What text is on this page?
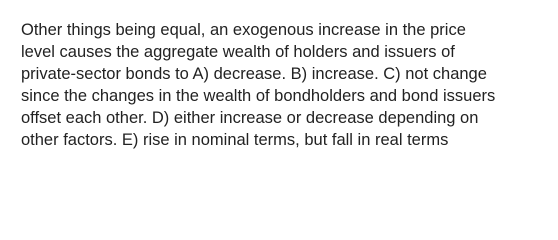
Other things being equal, an exogenous increase in the price
level causes the aggregate wealth of holders and issuers of
private-sector bonds to A) decrease. B) increase. C) not change
since the changes in the wealth of bondholders and bond issuers
offset each other. D) either increase or decrease depending on
other factors. E) rise in nominal terms, but fall in real terms
